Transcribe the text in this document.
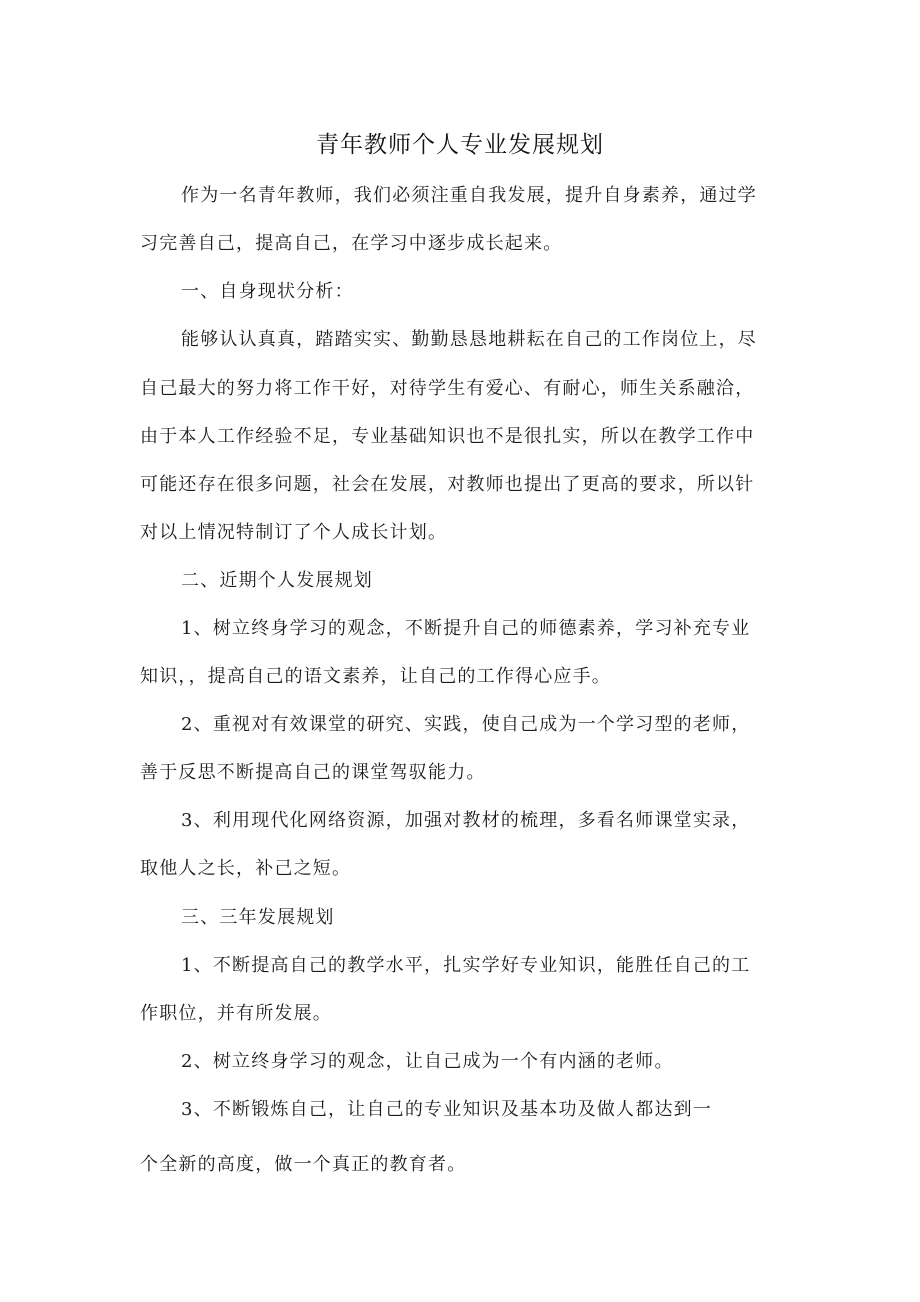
青年教师个人专业发展规划
作为一名青年教师，我们必须注重自我发展，提升自身素养，通过学
习完善自己，提高自己，在学习中逐步成长起来。
一、自身现状分析：
能够认认真真，踏踏实实、勤勤恳恳地耕耘在自己的工作岗位上，尽
自己最大的努力将工作干好，对待学生有爱心、有耐心，师生关系融洽，
由于本人工作经验不足，专业基础知识也不是很扎实，所以在教学工作中
可能还存在很多问题，社会在发展，对教师也提出了更高的要求，所以针
对以上情况特制订了个人成长计划。
二、近期个人发展规划
1、树立终身学习的观念，不断提升自己的师德素养，学习补充专业
知识，，提高自己的语文素养，让自己的工作得心应手。
2、重视对有效课堂的研究、实践，使自己成为一个学习型的老师，
善于反思不断提高自己的课堂驾驭能力。
3、利用现代化网络资源，加强对教材的梳理，多看名师课堂实录，
取他人之长，补己之短。
三、三年发展规划
1、不断提高自己的教学水平，扎实学好专业知识，能胜任自己的工
作职位，并有所发展。
2、树立终身学习的观念，让自己成为一个有内涵的老师。
3、不断锻炼自己，让自己的专业知识及基本功及做人都达到一
个全新的高度，做一个真正的教育者。
